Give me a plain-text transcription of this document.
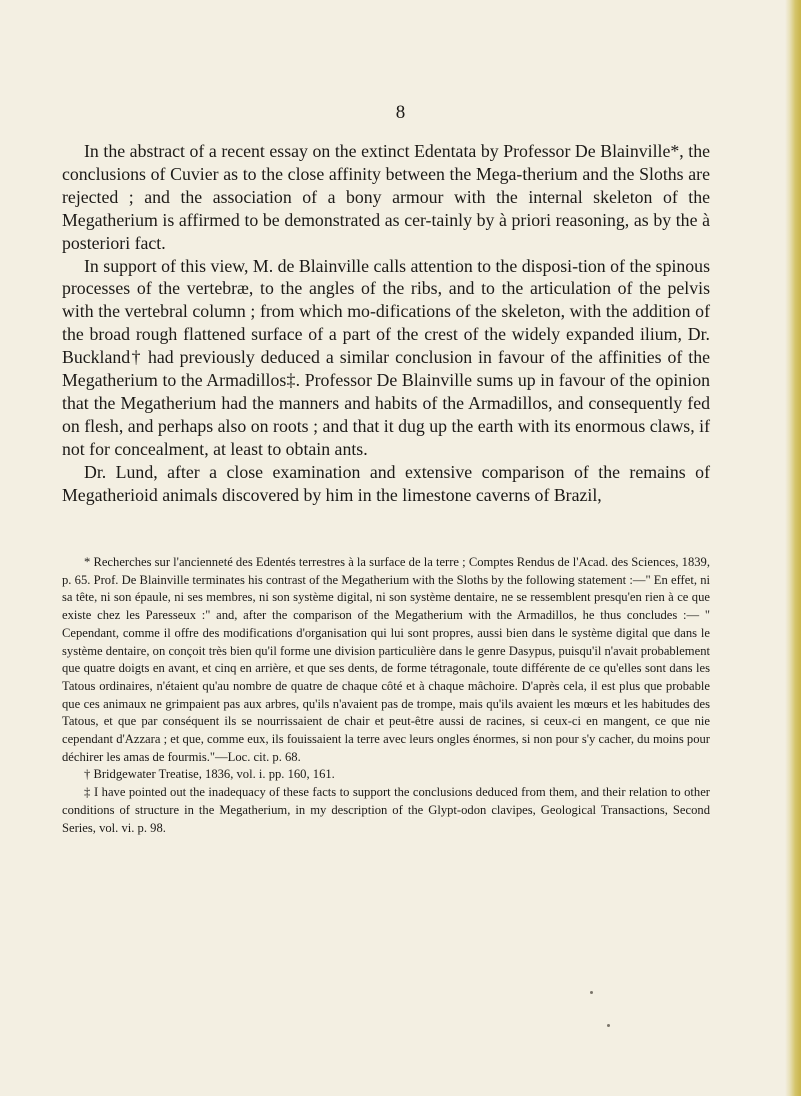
8

In the abstract of a recent essay on the extinct Edentata by Professor De Blainville*, the conclusions of Cuvier as to the close affinity between the Mega-therium and the Sloths are rejected ; and the association of a bony armour with the internal skeleton of the Megatherium is affirmed to be demonstrated as cer-tainly by à priori reasoning, as by the à posteriori fact.

In support of this view, M. de Blainville calls attention to the disposi-tion of the spinous processes of the vertebræ, to the angles of the ribs, and to the articulation of the pelvis with the vertebral column ; from which mo-difications of the skeleton, with the addition of the broad rough flattened surface of a part of the crest of the widely expanded ilium, Dr. Buckland† had previously deduced a similar conclusion in favour of the affinities of the Megatherium to the Armadillos‡. Professor De Blainville sums up in favour of the opinion that the Megatherium had the manners and habits of the Armadillos, and consequently fed on flesh, and perhaps also on roots ; and that it dug up the earth with its enormous claws, if not for concealment, at least to obtain ants.

Dr. Lund, after a close examination and extensive comparison of the remains of Megatherioid animals discovered by him in the limestone caverns of Brazil,

* Recherches sur l'ancienneté des Edentés terrestres à la surface de la terre ; Comptes Rendus de l'Acad. des Sciences, 1839, p. 65. Prof. De Blainville terminates his contrast of the Megatherium with the Sloths by the following statement :—" En effet, ni sa tête, ni son épaule, ni ses membres, ni son système digital, ni son système dentaire, ne se ressemblent presqu'en rien à ce que existe chez les Paresseux :" and, after the comparison of the Megatherium with the Armadillos, he thus concludes :— " Cependant, comme il offre des modifications d'organisation qui lui sont propres, aussi bien dans le système digital que dans le système dentaire, on conçoit très bien qu'il forme une division particulière dans le genre Dasypus, puisqu'il n'avait probablement que quatre doigts en avant, et cinq en arrière, et que ses dents, de forme tétragonale, toute différente de ce qu'elles sont dans les Tatous ordinaires, n'étaient qu'au nombre de quatre de chaque côté et à chaque mâchoire. D'après cela, il est plus que probable que ces animaux ne grimpaient pas aux arbres, qu'ils n'avaient pas de trompe, mais qu'ils avaient les mœurs et les habitudes des Tatous, et que par conséquent ils se nourrissaient de chair et peut-être aussi de racines, si ceux-ci en mangent, ce que nie cependant d'Azzara ; et que, comme eux, ils fouissaient la terre avec leurs ongles énormes, si non pour s'y cacher, du moins pour déchirer les amas de fourmis."—Loc. cit. p. 68.

† Bridgewater Treatise, 1836, vol. i. pp. 160, 161.

‡ I have pointed out the inadequacy of these facts to support the conclusions deduced from them, and their relation to other conditions of structure in the Megatherium, in my description of the Glypt-odon clavipes, Geological Transactions, Second Series, vol. vi. p. 98.
